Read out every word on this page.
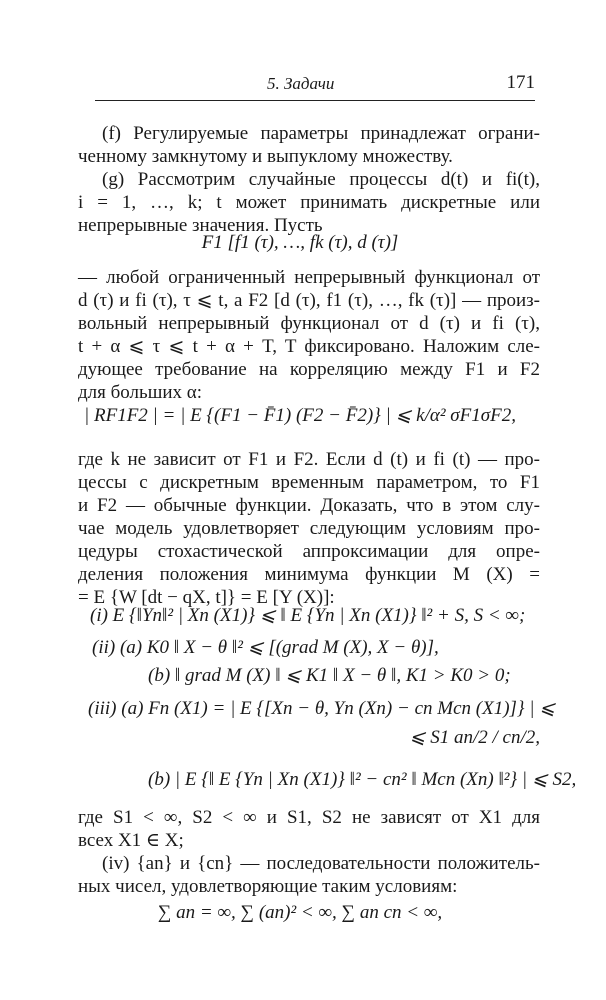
5. Задачи	171
(f) Регулируемые параметры принадлежат ограни-
ченному замкнутому и выпуклому множеству.
(g) Рассмотрим случайные процессы d(t) и fi(t),
i = 1, …, k; t может принимать дискретные или
непрерывные значения. Пусть
F1 [f1 (τ), …, fk (τ), d (τ)]
— любой ограниченный непрерывный функционал от
d (τ) и fi (τ), τ ⩽ t, а F2 [d (τ), f1 (τ), …, fk (τ)] — произ-
вольный непрерывный функционал от d (τ) и fi (τ),
t + α ⩽ τ ⩽ t + α + T, T фиксировано. Наложим сле-
дующее требование на корреляцию между F1 и F2
для больших α:
| RF1F2 | = | E {(F1 − F̄1) (F2 − F̄2)} | ⩽ k/α² σF1σF2,
где k не зависит от F1 и F2. Если d (t) и fi (t) — про-
цессы с дискретным временным параметром, то F1
и F2 — обычные функции. Доказать, что в этом слу-
чае модель удовлетворяет следующим условиям про-
цедуры стохастической аппроксимации для опре-
деления положения минимума функции M (X) =
= E {W [dt − qX, t]} = E [Y (X)]:
(i) E {‖Yn‖² | Xn (X1)} ⩽ ‖ E {Yn | Xn (X1)} ‖² + S, S < ∞;
(ii) (a) K0 ‖ X − θ ‖² ⩽ [(grad M (X), X − θ)],
(b) ‖ grad M (X) ‖ ⩽ K1 ‖ X − θ ‖, K1 > K0 > 0;
(iii) (a) Fn (X1) = | E {[Xn − θ, Yn (Xn) − cn Mcn (X1)]} | ⩽
⩽ S1 an/2 / cn/2,
(b) | E {‖ E {Yn | Xn (X1)} ‖² − cn² ‖ Mcn (Xn) ‖²} | ⩽ S2,
где S1 < ∞, S2 < ∞ и S1, S2 не зависят от X1 для
всех X1 ∈ X;
(iv) {an} и {cn} — последовательности положитель-
ных чисел, удовлетворяющие таким условиям:
∑ an = ∞, ∑ (an)² < ∞, ∑ an cn < ∞,
